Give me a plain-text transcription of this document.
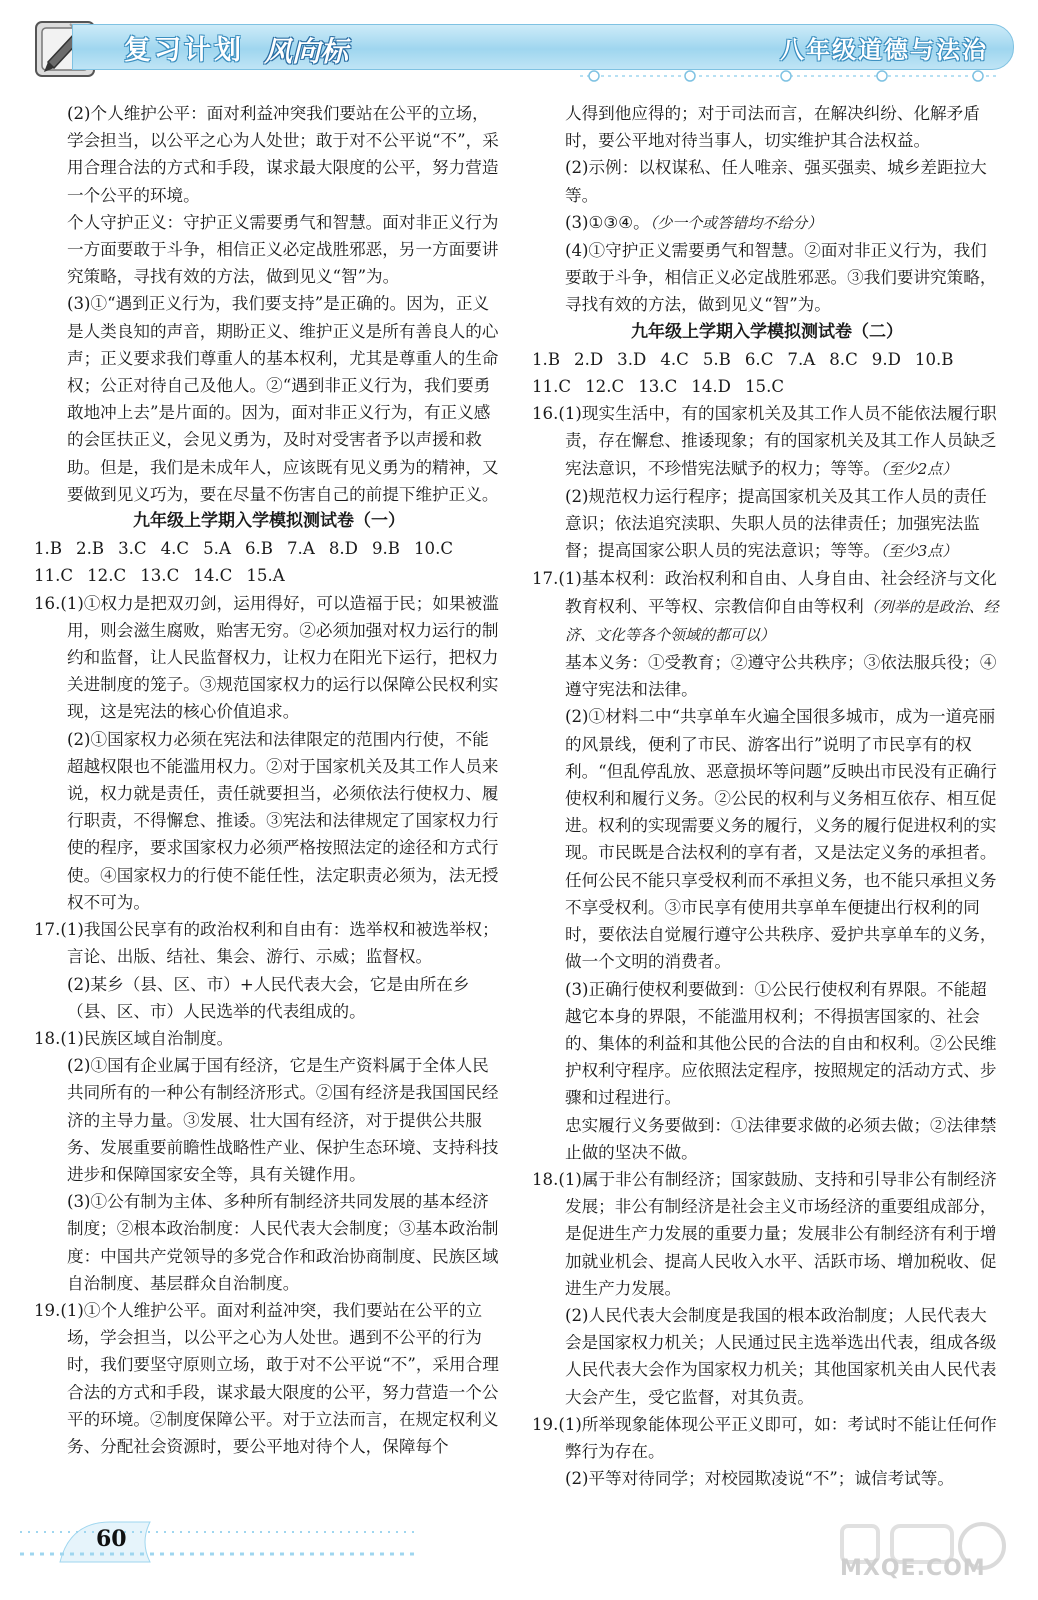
复习计划 风向标	八年级道德与法治

(2)个人维护公平：面对利益冲突我们要站在公平的立场，学会担当，以公平之心为人处世；敢于对不公平说“不”，采用合理合法的方式和手段，谋求最大限度的公平，努力营造一个公平的环境。

个人守护正义：守护正义需要勇气和智慧。面对非正义行为一方面要敢于斗争，相信正义必定战胜邪恶，另一方面要讲究策略，寻找有效的方法，做到见义“智”为。

(3)①“遇到正义行为，我们要支持”是正确的。因为，正义是人类良知的声音，期盼正义、维护正义是所有善良人的心声；正义要求我们尊重人的基本权利，尤其是尊重人的生命权；公正对待自己及他人。②“遇到非正义行为，我们要勇敢地冲上去”是片面的。因为，面对非正义行为，有正义感的会匡扶正义，会见义勇为，及时对受害者予以声援和救助。但是，我们是未成年人，应该既有见义勇为的精神，又要做到见义巧为，要在尽量不伤害自己的前提下维护正义。

九年级上学期入学模拟测试卷（一）

1.B 2.B 3.C 4.C 5.A 6.B 7.A 8.D 9.B 10.C

11.C 12.C 13.C 14.C 15.A

16.(1)①权力是把双刃剑，运用得好，可以造福于民；如果被滥用，则会滋生腐败，贻害无穷。②必须加强对权力运行的制约和监督，让人民监督权力，让权力在阳光下运行，把权力关进制度的笼子。③规范国家权力的运行以保障公民权利实现，这是宪法的核心价值追求。

(2)①国家权力必须在宪法和法律限定的范围内行使，不能超越权限也不能滥用权力。②对于国家机关及其工作人员来说，权力就是责任，责任就要担当，必须依法行使权力、履行职责，不得懈怠、推诿。③宪法和法律规定了国家权力行使的程序，要求国家权力必须严格按照法定的途径和方式行使。④国家权力的行使不能任性，法定职责必须为，法无授权不可为。

17.(1)我国公民享有的政治权利和自由有：选举权和被选举权；言论、出版、结社、集会、游行、示威；监督权。

(2)某乡（县、区、市）+人民代表大会，它是由所在乡（县、区、市）人民选举的代表组成的。

18.(1)民族区域自治制度。

(2)①国有企业属于国有经济，它是生产资料属于全体人民共同所有的一种公有制经济形式。②国有经济是我国国民经济的主导力量。③发展、壮大国有经济，对于提供公共服务、发展重要前瞻性战略性产业、保护生态环境、支持科技进步和保障国家安全等，具有关键作用。

(3)①公有制为主体、多种所有制经济共同发展的基本经济制度；②根本政治制度：人民代表大会制度；③基本政治制度：中国共产党领导的多党合作和政治协商制度、民族区域自治制度、基层群众自治制度。

19.(1)①个人维护公平。面对利益冲突，我们要站在公平的立场，学会担当，以公平之心为人处世。遇到不公平的行为时，我们要坚守原则立场，敢于对不公平说“不”，采用合理合法的方式和手段，谋求最大限度的公平，努力营造一个公平的环境。②制度保障公平。对于立法而言，在规定权利义务、分配社会资源时，要公平地对待个人，保障每个

人得到他应得的；对于司法而言，在解决纠纷、化解矛盾时，要公平地对待当事人，切实维护其合法权益。

(2)示例：以权谋私、任人唯亲、强买强卖、城乡差距拉大等。

(3)①③④。（少一个或答错均不给分）

(4)①守护正义需要勇气和智慧。②面对非正义行为，我们要敢于斗争，相信正义必定战胜邪恶。③我们要讲究策略，寻找有效的方法，做到见义“智”为。

九年级上学期入学模拟测试卷（二）

1.B 2.D 3.D 4.C 5.B 6.C 7.A 8.C 9.D 10.B

11.C 12.C 13.C 14.D 15.C

16.(1)现实生活中，有的国家机关及其工作人员不能依法履行职责，存在懈怠、推诿现象；有的国家机关及其工作人员缺乏宪法意识，不珍惜宪法赋予的权力；等等。（至少2点）

(2)规范权力运行程序；提高国家机关及其工作人员的责任意识；依法追究渎职、失职人员的法律责任；加强宪法监督；提高国家公职人员的宪法意识；等等。（至少3点）

17.(1)基本权利：政治权利和自由、人身自由、社会经济与文化教育权利、平等权、宗教信仰自由等权利（列举的是政治、经济、文化等各个领域的都可以）

基本义务：①受教育；②遵守公共秩序；③依法服兵役；④遵守宪法和法律。

(2)①材料二中“共享单车火遍全国很多城市，成为一道亮丽的风景线，便利了市民、游客出行”说明了市民享有的权利。“但乱停乱放、恶意损坏等问题”反映出市民没有正确行使权利和履行义务。②公民的权利与义务相互依存、相互促进。权利的实现需要义务的履行，义务的履行促进权利的实现。市民既是合法权利的享有者，又是法定义务的承担者。任何公民不能只享受权利而不承担义务，也不能只承担义务不享受权利。③市民享有使用共享单车便捷出行权利的同时，要依法自觉履行遵守公共秩序、爱护共享单车的义务，做一个文明的消费者。

(3)正确行使权利要做到：①公民行使权利有界限。不能超越它本身的界限，不能滥用权利；不得损害国家的、社会的、集体的利益和其他公民的合法的自由和权利。②公民维护权利守程序。应依照法定程序，按照规定的活动方式、步骤和过程进行。

忠实履行义务要做到：①法律要求做的必须去做；②法律禁止做的坚决不做。

18.(1)属于非公有制经济；国家鼓励、支持和引导非公有制经济发展；非公有制经济是社会主义市场经济的重要组成部分，是促进生产力发展的重要力量；发展非公有制经济有利于增加就业机会、提高人民收入水平、活跃市场、增加税收、促进生产力发展。

(2)人民代表大会制度是我国的根本政治制度；人民代表大会是国家权力机关；人民通过民主选举选出代表，组成各级人民代表大会作为国家权力机关；其他国家机关由人民代表大会产生，受它监督，对其负责。

19.(1)所举现象能体现公平正义即可，如：考试时不能让任何作弊行为存在。

(2)平等对待同学；对校园欺凌说“不”；诚信考试等。

60
MXQE.COM
